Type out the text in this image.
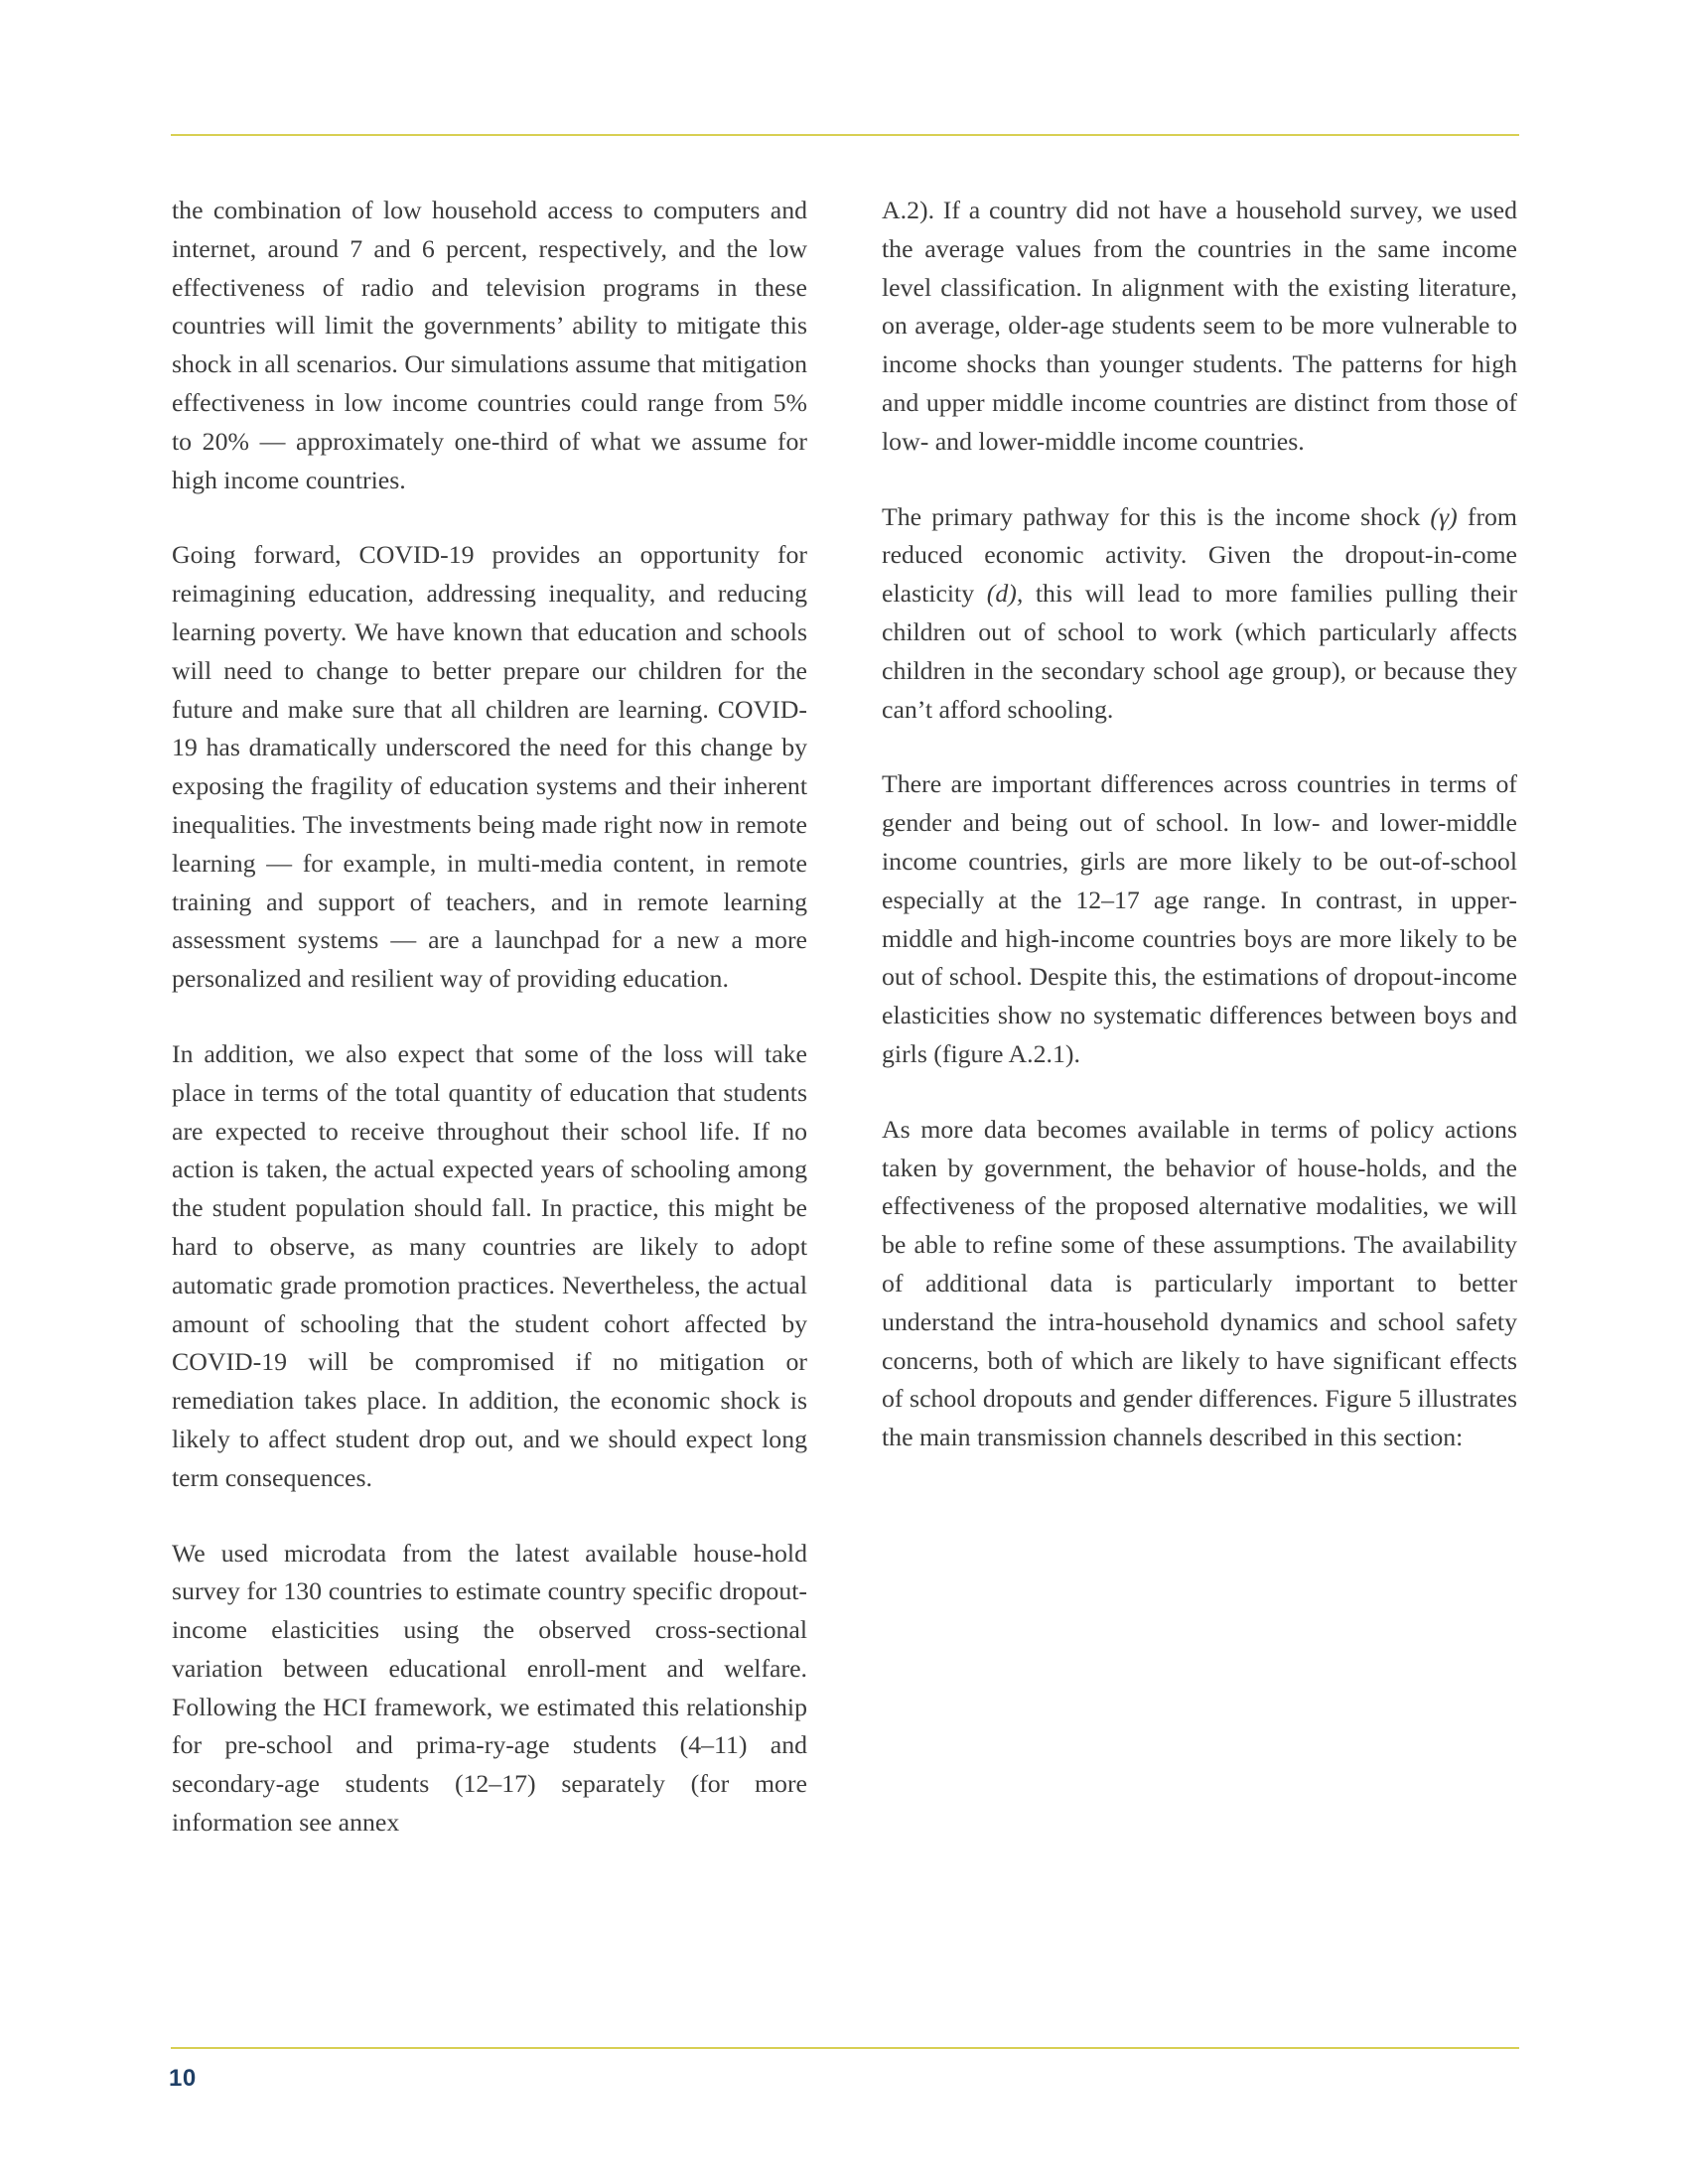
the combination of low household access to computers and internet, around 7 and 6 percent, respectively, and the low effectiveness of radio and television programs in these countries will limit the governments’ ability to mitigate this shock in all scenarios. Our simulations assume that mitigation effectiveness in low income countries could range from 5% to 20% — approximately one-third of what we assume for high income countries.

Going forward, COVID-19 provides an opportunity for reimagining education, addressing inequality, and reducing learning poverty. We have known that education and schools will need to change to better prepare our children for the future and make sure that all children are learning. COVID-19 has dramatically underscored the need for this change by exposing the fragility of education systems and their inherent inequalities. The investments being made right now in remote learning — for example, in multi-media content, in remote training and support of teachers, and in remote learning assessment systems — are a launchpad for a new a more personalized and resilient way of providing education.

In addition, we also expect that some of the loss will take place in terms of the total quantity of education that students are expected to receive throughout their school life. If no action is taken, the actual expected years of schooling among the student population should fall. In practice, this might be hard to observe, as many countries are likely to adopt automatic grade promotion practices. Nevertheless, the actual amount of schooling that the student cohort affected by COVID-19 will be compromised if no mitigation or remediation takes place. In addition, the economic shock is likely to affect student drop out, and we should expect long term consequences.

We used microdata from the latest available house-hold survey for 130 countries to estimate country specific dropout-income elasticities using the observed cross-sectional variation between educational enroll-ment and welfare. Following the HCI framework, we estimated this relationship for pre-school and prima-ry-age students (4–11) and secondary-age students (12–17) separately (for more information see annex

A.2). If a country did not have a household survey, we used the average values from the countries in the same income level classification. In alignment with the existing literature, on average, older-age students seem to be more vulnerable to income shocks than younger students. The patterns for high and upper middle income countries are distinct from those of low- and lower-middle income countries.

The primary pathway for this is the income shock (γ) from reduced economic activity. Given the dropout-in-come elasticity (d), this will lead to more families pulling their children out of school to work (which particularly affects children in the secondary school age group), or because they can’t afford schooling.

There are important differences across countries in terms of gender and being out of school. In low- and lower-middle income countries, girls are more likely to be out-of-school especially at the 12–17 age range. In contrast, in upper-middle and high-income countries boys are more likely to be out of school. Despite this, the estimations of dropout-income elasticities show no systematic differences between boys and girls (figure A.2.1).

As more data becomes available in terms of policy actions taken by government, the behavior of house-holds, and the effectiveness of the proposed alternative modalities, we will be able to refine some of these assumptions. The availability of additional data is particularly important to better understand the intra-household dynamics and school safety concerns, both of which are likely to have significant effects of school dropouts and gender differences. Figure 5 illustrates the main transmission channels described in this section:

10
